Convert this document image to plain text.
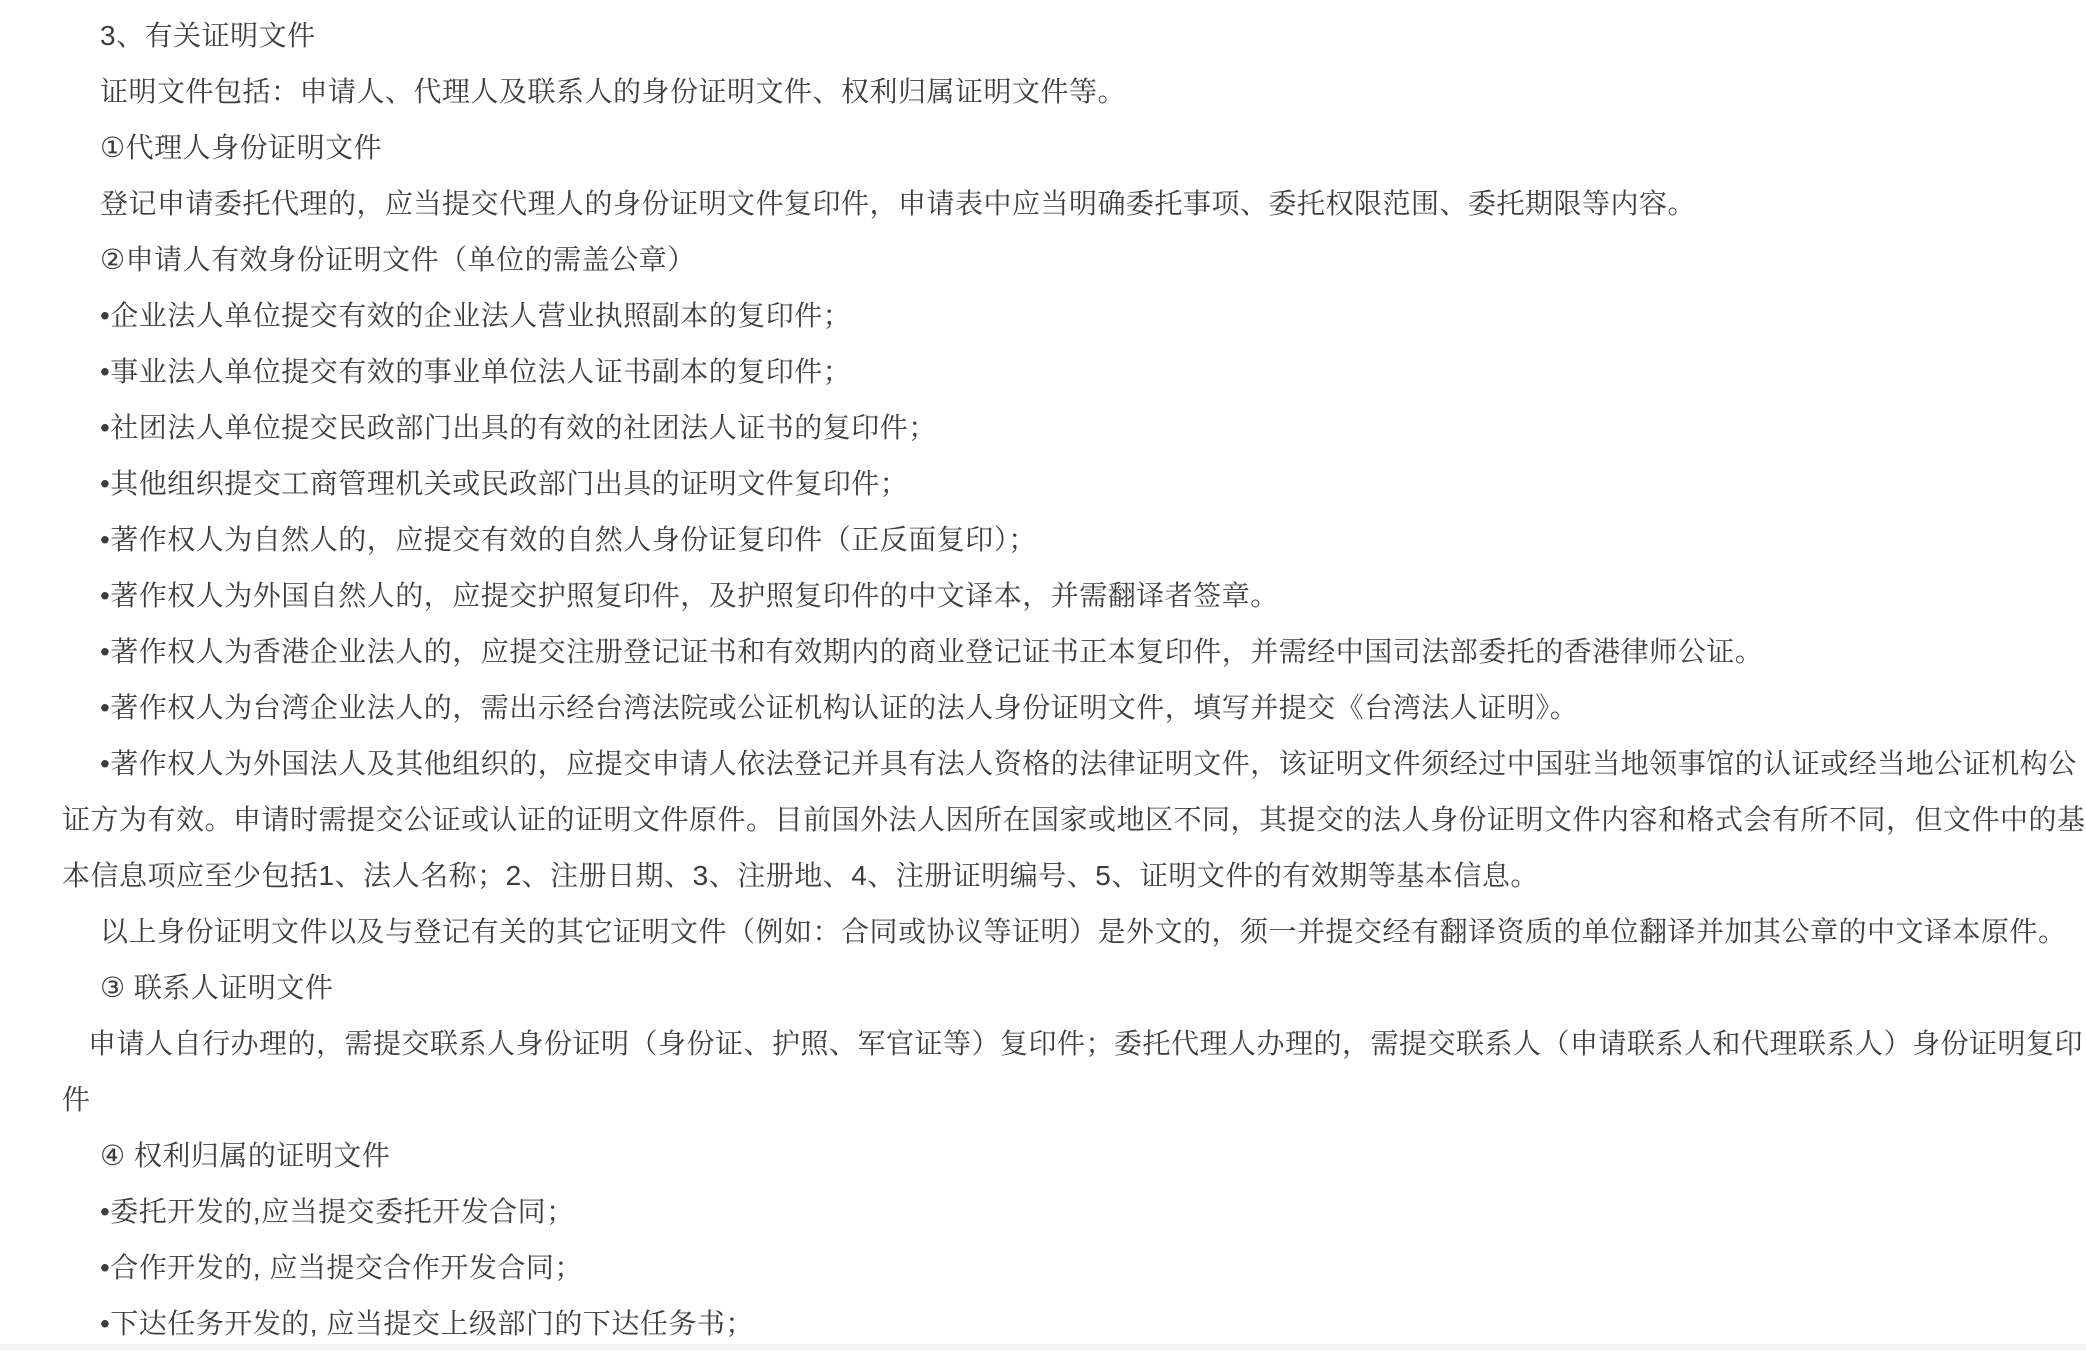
3、有关证明文件
证明文件包括：申请人、代理人及联系人的身份证明文件、权利归属证明文件等。
①代理人身份证明文件
登记申请委托代理的，应当提交代理人的身份证明文件复印件，申请表中应当明确委托事项、委托权限范围、委托期限等内容。
②申请人有效身份证明文件（单位的需盖公章）
•企业法人单位提交有效的企业法人营业执照副本的复印件；
•事业法人单位提交有效的事业单位法人证书副本的复印件；
•社团法人单位提交民政部门出具的有效的社团法人证书的复印件；
•其他组织提交工商管理机关或民政部门出具的证明文件复印件；
•著作权人为自然人的，应提交有效的自然人身份证复印件（正反面复印）；
•著作权人为外国自然人的，应提交护照复印件，及护照复印件的中文译本，并需翻译者签章。
•著作权人为香港企业法人的，应提交注册登记证书和有效期内的商业登记证书正本复印件，并需经中国司法部委托的香港律师公证。
•著作权人为台湾企业法人的，需出示经台湾法院或公证机构认证的法人身份证明文件，填写并提交《台湾法人证明》。
•著作权人为外国法人及其他组织的，应提交申请人依法登记并具有法人资格的法律证明文件，该证明文件须经过中国驻当地领事馆的认证或经当地公证机构公
证方为有效。申请时需提交公证或认证的证明文件原件。目前国外法人因所在国家或地区不同，其提交的法人身份证明文件内容和格式会有所不同，但文件中的基
本信息项应至少包括1、法人名称；2、注册日期、3、注册地、4、注册证明编号、5、证明文件的有效期等基本信息。
以上身份证明文件以及与登记有关的其它证明文件（例如：合同或协议等证明）是外文的，须一并提交经有翻译资质的单位翻译并加其公章的中文译本原件。
③ 联系人证明文件
申请人自行办理的，需提交联系人身份证明（身份证、护照、军官证等）复印件；委托代理人办理的，需提交联系人（申请联系人和代理联系人）身份证明复印
件
④ 权利归属的证明文件
•委托开发的,应当提交委托开发合同；
•合作开发的, 应当提交合作开发合同；
•下达任务开发的, 应当提交上级部门的下达任务书；
